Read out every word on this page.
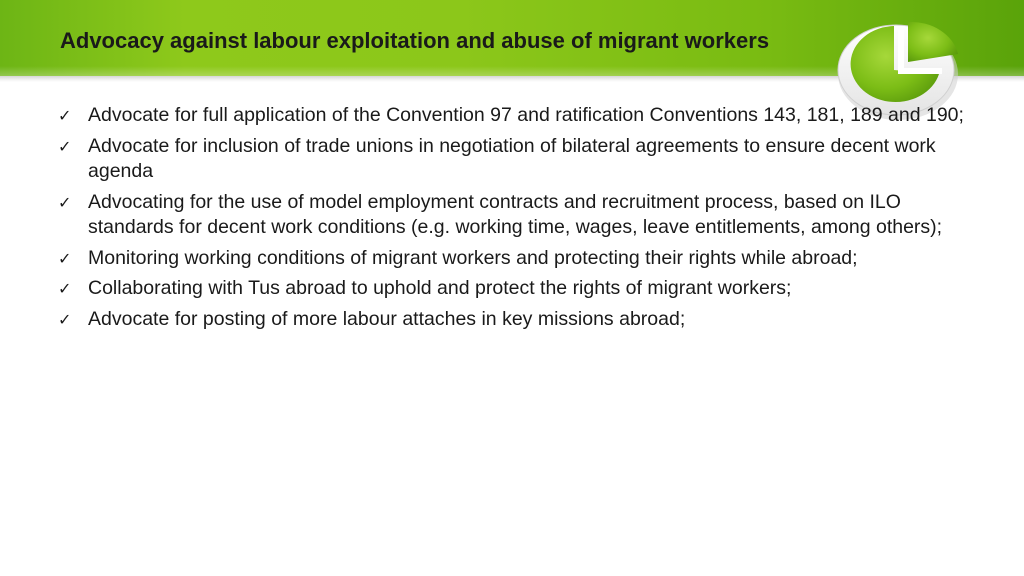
Advocacy against labour exploitation and abuse of migrant workers
✓ Advocate for full application of the Convention 97 and ratification Conventions 143, 181, 189 and 190;
✓ Advocate for inclusion of trade unions in negotiation of bilateral agreements to ensure decent work agenda
✓ Advocating for the use of model employment contracts and recruitment process, based on ILO standards for decent work conditions (e.g. working time, wages, leave entitlements, among others);
✓ Monitoring working conditions of migrant workers and protecting their rights while abroad;
✓ Collaborating with Tus abroad to uphold and protect the rights of migrant workers;
✓ Advocate for posting of more labour attaches in key missions abroad;
